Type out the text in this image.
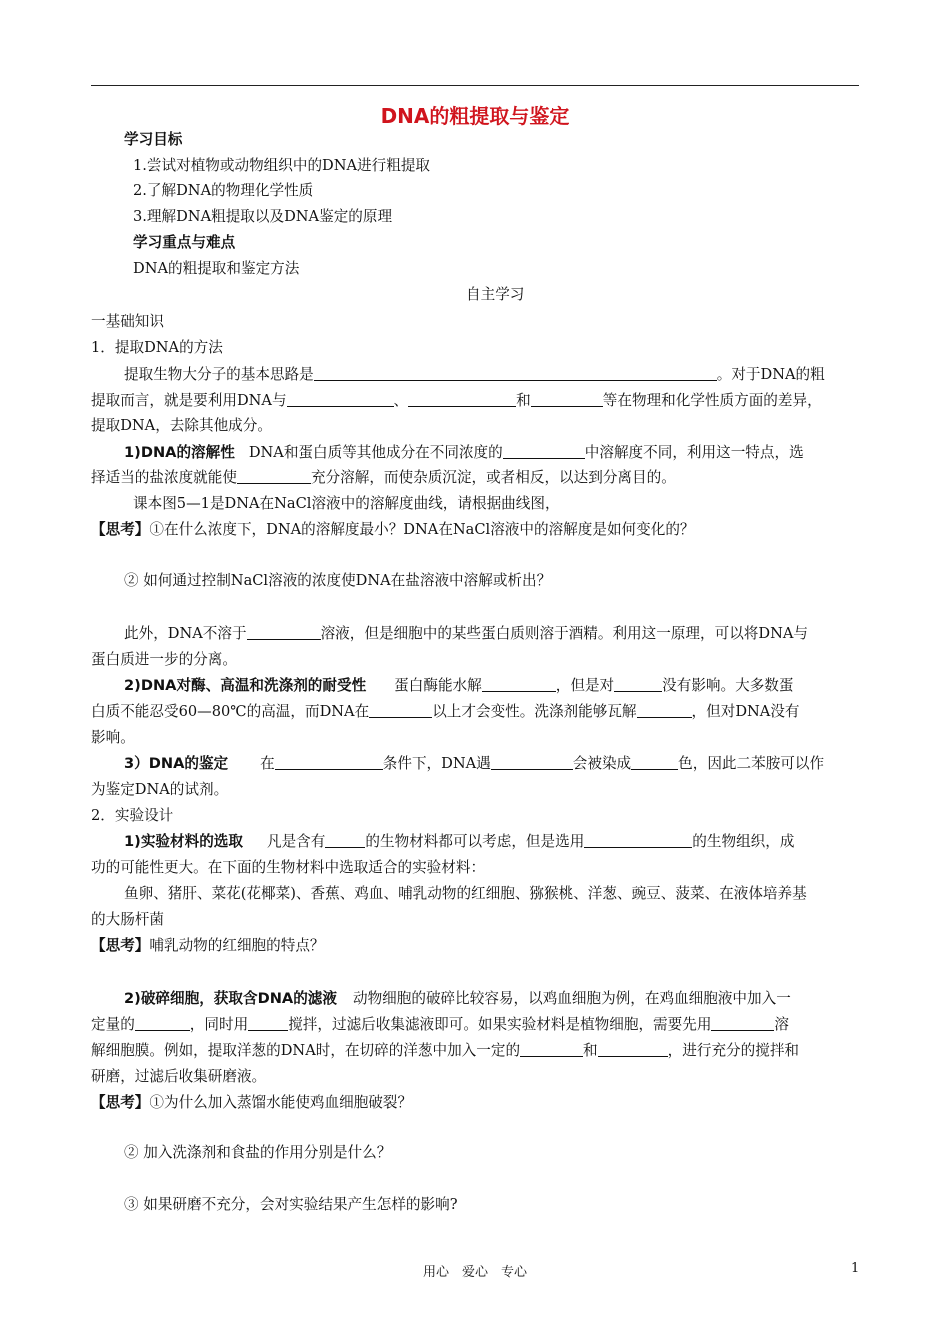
DNA的粗提取与鉴定
学习目标
1.尝试对植物或动物组织中的DNA进行粗提取
2.了解DNA的物理化学性质
3.理解DNA粗提取以及DNA鉴定的原理
学习重点与难点
DNA的粗提取和鉴定方法
自主学习
一基础知识
1．提取DNA的方法
提取生物大分子的基本思路是	。对于DNA的粗
提取而言，就是要利用DNA与	、	和	等在物理和化学性质方面的差异，
提取DNA，去除其他成分。
1)DNA的溶解性 DNA和蛋白质等其他成分在不同浓度的	中溶解度不同，利用这一特点，选
择适当的盐浓度就能使	充分溶解，而使杂质沉淀，或者相反，以达到分离目的。
课本图5—1是DNA在NaCl溶液中的溶解度曲线，请根据曲线图，
【思考】①在什么浓度下，DNA的溶解度最小？DNA在NaCl溶液中的溶解度是如何变化的？
② 如何通过控制NaCl溶液的浓度使DNA在盐溶液中溶解或析出？
此外，DNA不溶于	溶液，但是细胞中的某些蛋白质则溶于酒精。利用这一原理，可以将DNA与
蛋白质进一步的分离。
2)DNA对酶、高温和洗涤剂的耐受性 蛋白酶能水解	，但是对	没有影响。大多数蛋
白质不能忍受60—80℃的高温，而DNA在	以上才会变性。洗涤剂能够瓦解	，但对DNA没有
影响。
3）DNA的鉴定 在	条件下，DNA遇	会被染成	色，因此二苯胺可以作
为鉴定DNA的试剂。
2．实验设计
1)实验材料的选取 凡是含有	的生物材料都可以考虑，但是选用	的生物组织，成
功的可能性更大。在下面的生物材料中选取适合的实验材料：
鱼卵、猪肝、菜花(花椰菜)、香蕉、鸡血、哺乳动物的红细胞、猕猴桃、洋葱、豌豆、菠菜、在液体培养基
的大肠杆菌
【思考】哺乳动物的红细胞的特点？
2)破碎细胞，获取含DNA的滤液 动物细胞的破碎比较容易，以鸡血细胞为例，在鸡血细胞液中加入一
定量的	，同时用	搅拌，过滤后收集滤液即可。如果实验材料是植物细胞，需要先用	溶
解细胞膜。例如，提取洋葱的DNA时，在切碎的洋葱中加入一定的	和	，进行充分的搅拌和
研磨，过滤后收集研磨液。
【思考】①为什么加入蒸馏水能使鸡血细胞破裂？
② 加入洗涤剂和食盐的作用分别是什么？
③ 如果研磨不充分，会对实验结果产生怎样的影响?
用心　爱心　专心	1
